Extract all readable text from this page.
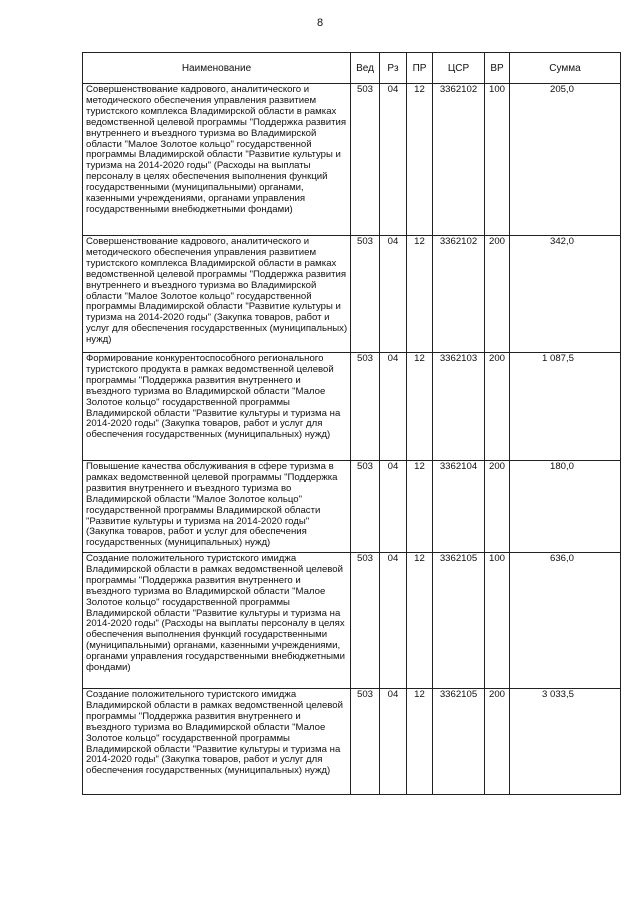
8
Наименование	Вед	Рз	ПР	ЦСР	ВР	Сумма
Совершенствование кадрового, аналитического и методического обеспечения управления развитием туристского комплекса Владимирской области в рамках ведомственной целевой программы "Поддержка развития внутреннего и въездного туризма во Владимирской области "Малое Золотое кольцо" государственной программы Владимирской области "Развитие культуры и туризма на 2014-2020 годы" (Расходы на выплаты персоналу в целях обеспечения выполнения функций государственными (муниципальными) органами, казенными учреждениями, органами управления государственными внебюджетными фондами)	503	04	12	3362102	100	205,0
Совершенствование кадрового, аналитического и методического обеспечения управления развитием туристского комплекса Владимирской области в рамках ведомственной целевой программы "Поддержка развития внутреннего и въездного туризма во Владимирской области "Малое Золотое кольцо" государственной программы Владимирской области "Развитие культуры и туризма на 2014-2020 годы" (Закупка товаров, работ и услуг для обеспечения государственных (муниципальных) нужд)	503	04	12	3362102	200	342,0
Формирование конкурентоспособного регионального туристского продукта в рамках ведомственной целевой программы "Поддержка развития внутреннего и въездного туризма во Владимирской области "Малое Золотое кольцо" государственной программы Владимирской области "Развитие культуры и туризма на 2014-2020 годы" (Закупка товаров, работ и услуг для обеспечения государственных (муниципальных) нужд)	503	04	12	3362103	200	1 087,5
Повышение качества обслуживания в сфере туризма в рамках ведомственной целевой программы "Поддержка развития внутреннего и въездного туризма во Владимирской области "Малое Золотое кольцо" государственной программы Владимирской области "Развитие культуры и туризма на 2014-2020 годы" (Закупка товаров, работ и услуг для обеспечения государственных (муниципальных) нужд)	503	04	12	3362104	200	180,0
Создание положительного туристского имиджа Владимирской области в рамках ведомственной целевой программы "Поддержка развития внутреннего и въездного туризма во Владимирской области "Малое Золотое кольцо" государственной программы Владимирской области "Развитие культуры и туризма на 2014-2020 годы" (Расходы на выплаты персоналу в целях обеспечения выполнения функций государственными (муниципальными) органами, казенными учреждениями, органами управления государственными внебюджетными фондами)	503	04	12	3362105	100	636,0
Создание положительного туристского имиджа Владимирской области в рамках ведомственной целевой программы "Поддержка развития внутреннего и въездного туризма во Владимирской области "Малое Золотое кольцо" государственной программы Владимирской области "Развитие культуры и туризма на 2014-2020 годы" (Закупка товаров, работ и услуг для обеспечения государственных (муниципальных) нужд)	503	04	12	3362105	200	3 033,5
